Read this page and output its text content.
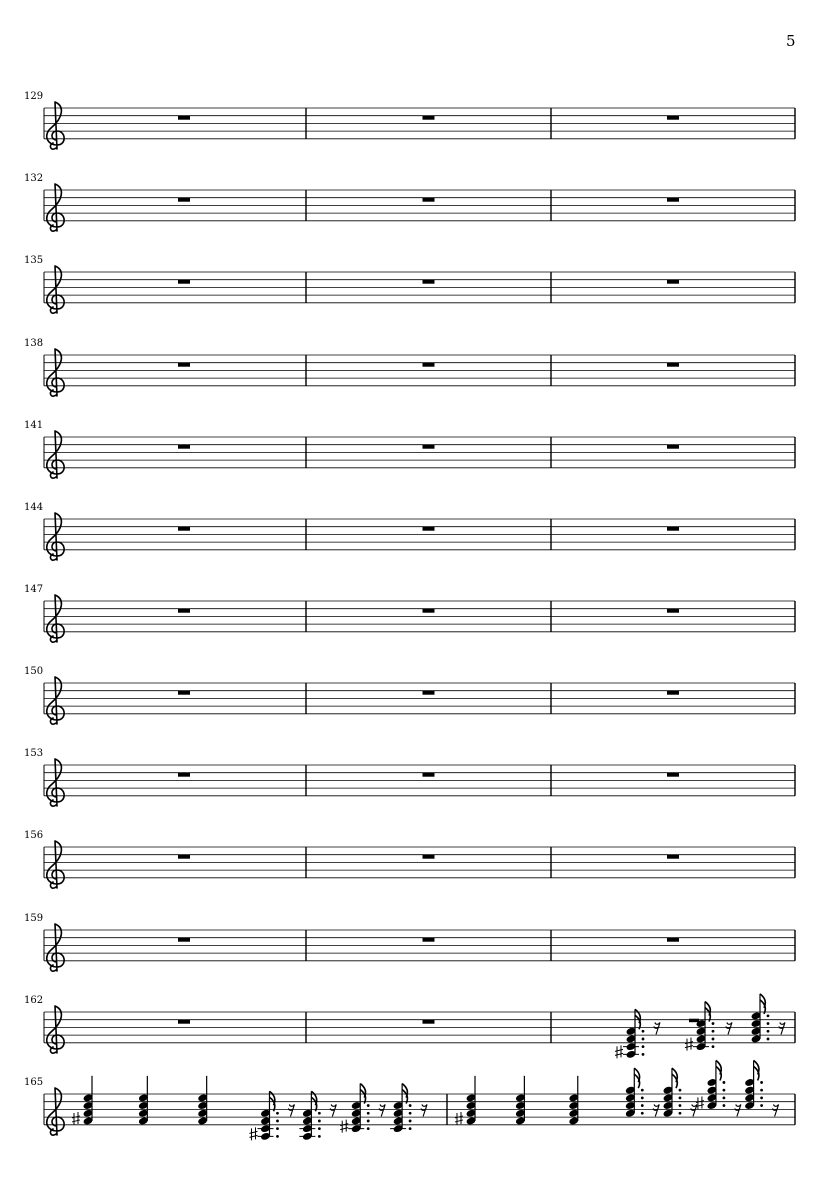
5
129
132
135
138
141
144
147
150
153
156
159
162
165
